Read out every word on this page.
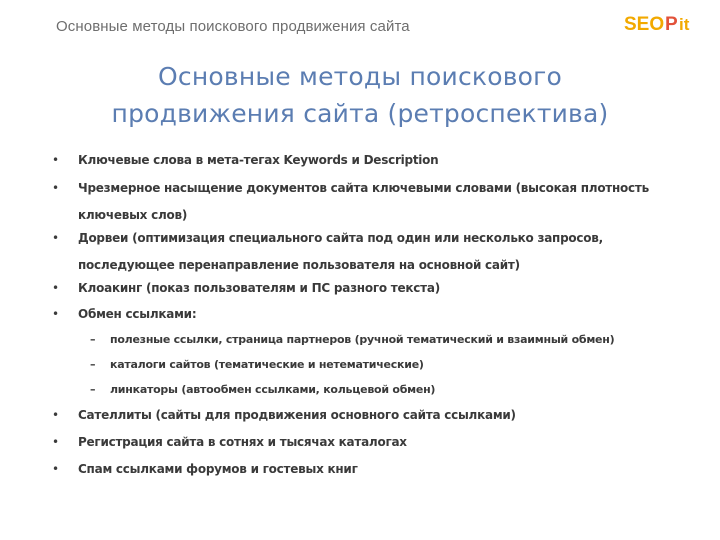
Основные методы поискового продвижения сайта	SEO P it
Основные методы поискового
продвижения сайта (ретроспектива)
• Ключевые слова в мета-тегах Keywords и Description
• Чрезмерное насыщение документов сайта ключевыми словами (высокая плотность ключевых слов)
• Дорвеи (оптимизация специального сайта под один или несколько запросов, последующее перенаправление пользователя на основной сайт)
• Клоакинг (показ пользователям и ПС разного текста)
• Обмен ссылками:
– полезные ссылки, страница партнеров (ручной тематический и взаимный обмен)
– каталоги сайтов (тематические и нетематические)
– линкаторы (автообмен ссылками, кольцевой обмен)
• Сателлиты (сайты для продвижения основного сайта ссылками)
• Регистрация сайта в сотнях и тысячах каталогах
• Спам ссылками форумов и гостевых книг
